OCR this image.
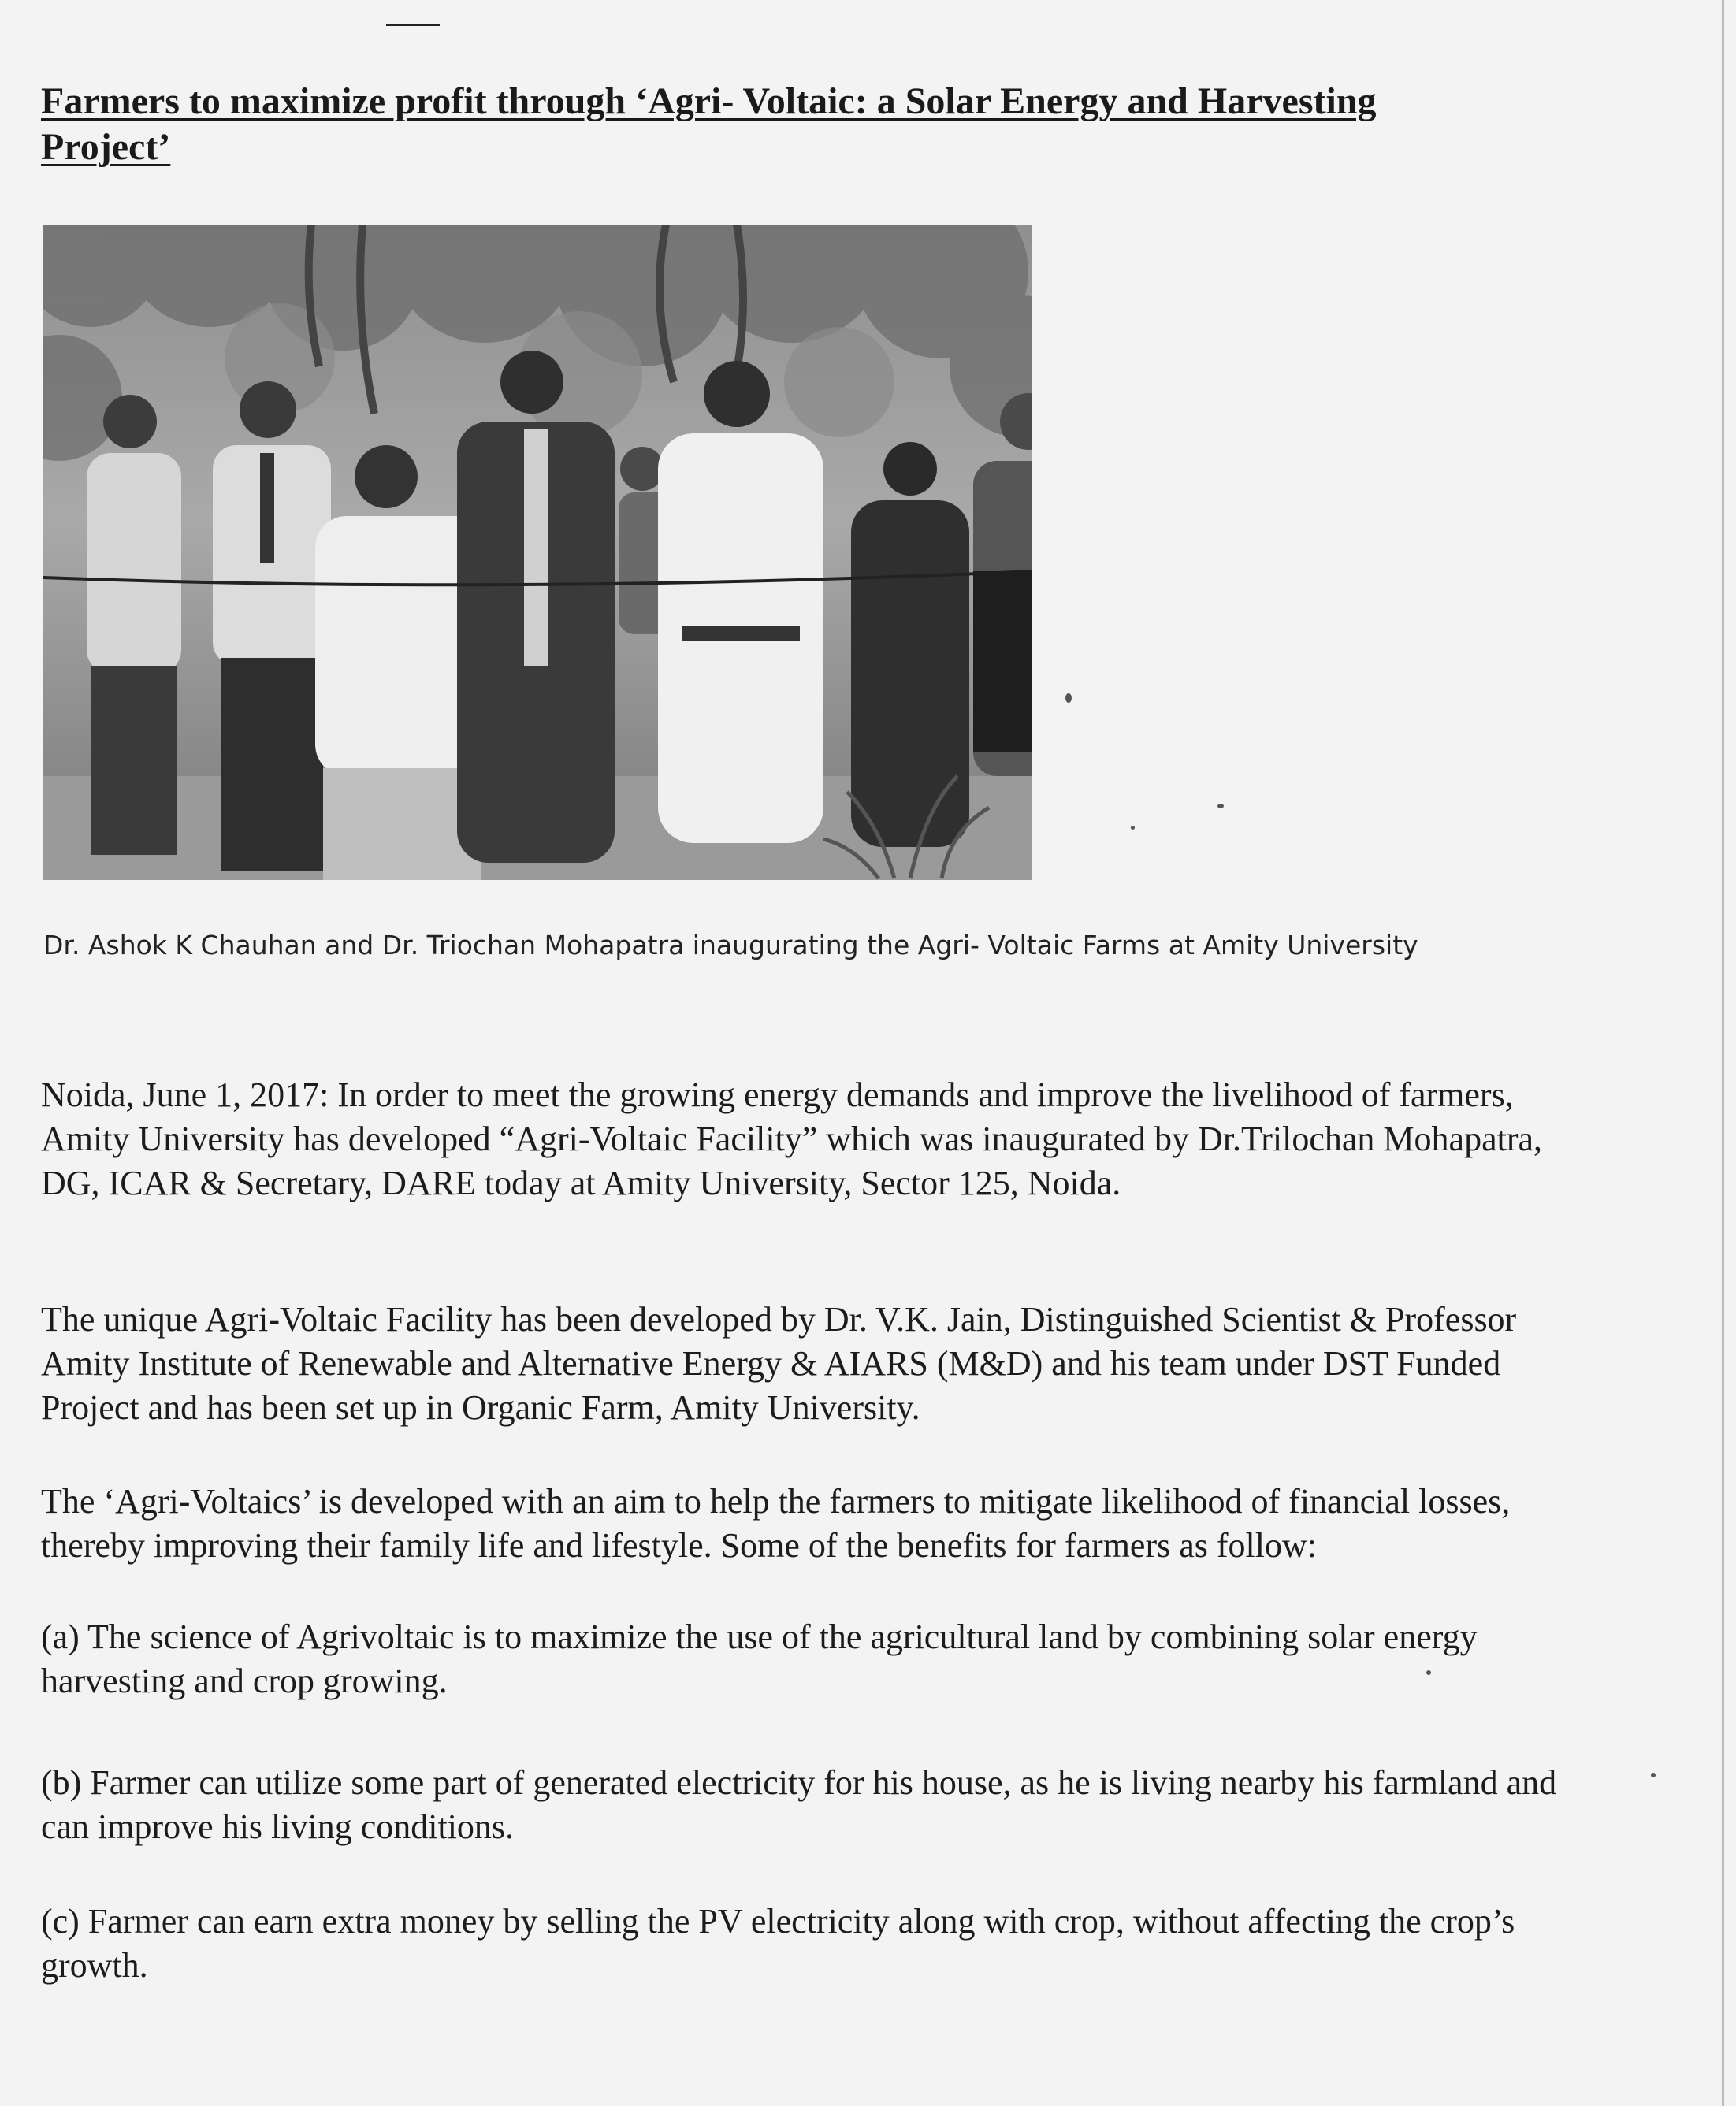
Farmers to maximize profit through ‘Agri- Voltaic: a Solar Energy and Harvesting Project’

Dr. Ashok K Chauhan and Dr. Triochan Mohapatra inaugurating the Agri- Voltaic Farms at Amity University

Noida, June 1, 2017: In order to meet the growing energy demands and improve the livelihood of farmers, Amity University has developed “Agri-Voltaic Facility” which was inaugurated by Dr.Trilochan Mohapatra, DG, ICAR & Secretary, DARE today at Amity University, Sector 125, Noida.

The unique Agri-Voltaic Facility has been developed by Dr. V.K. Jain, Distinguished Scientist & Professor Amity Institute of Renewable and Alternative Energy & AIARS (M&D) and his team under DST Funded Project and has been set up in Organic Farm, Amity University.

The ‘Agri-Voltaics’ is developed with an aim to help the farmers to mitigate likelihood of financial losses, thereby improving their family life and lifestyle. Some of the benefits for farmers as follow:

(a) The science of Agrivoltaic is to maximize the use of the agricultural land by combining solar energy harvesting and crop growing.

(b) Farmer can utilize some part of generated electricity for his house, as he is living nearby his farmland and can improve his living conditions.

(c) Farmer can earn extra money by selling the PV electricity along with crop, without affecting the crop’s growth.
